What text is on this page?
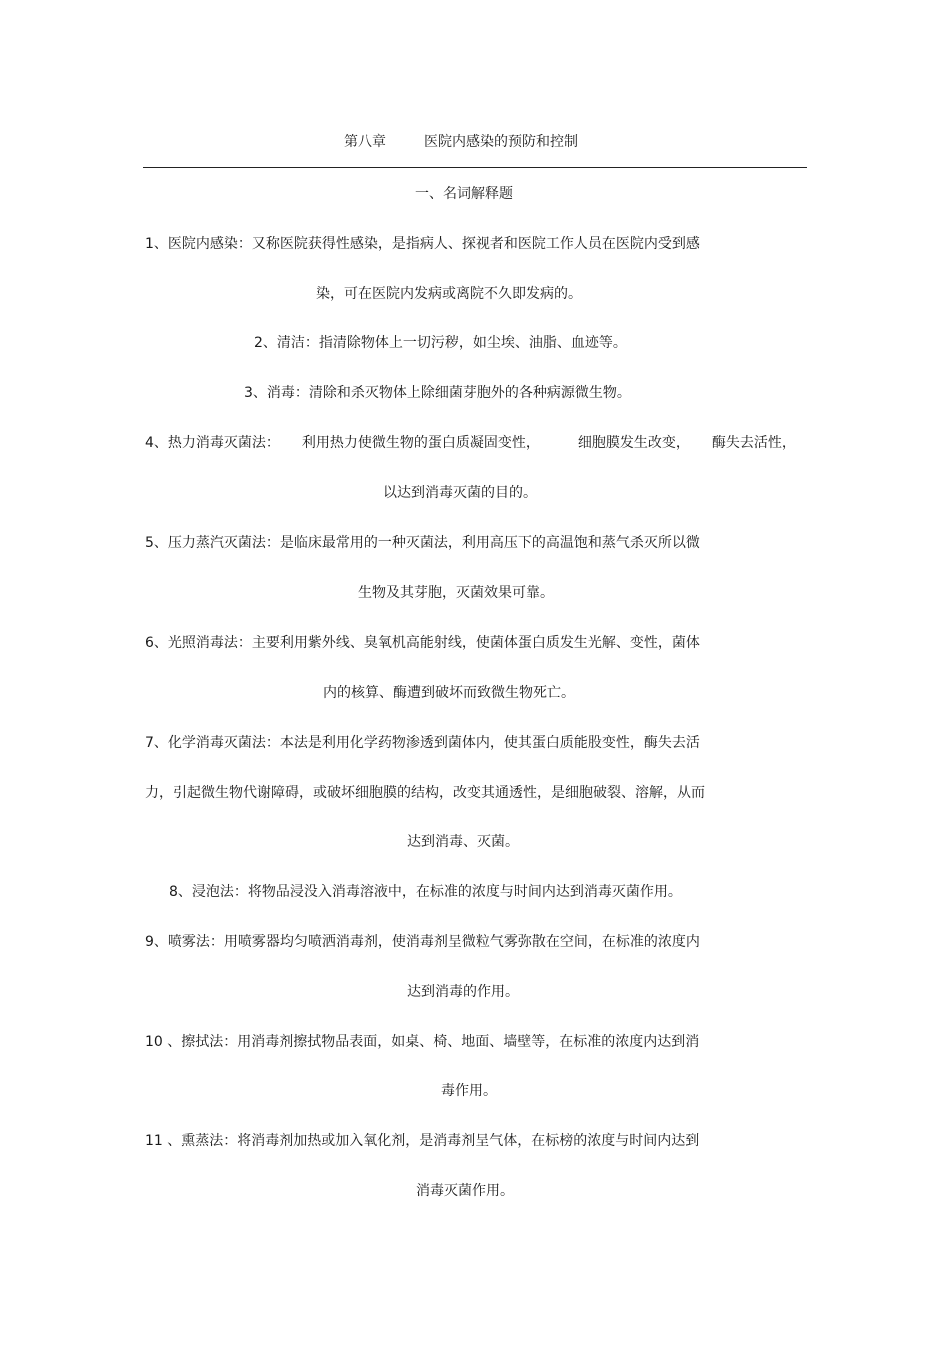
第八章	医院内感染的预防和控制
一、名词解释题
1、医院内感染：又称医院获得性感染，是指病人、探视者和医院工作人员在医院内受到感
染，可在医院内发病或离院不久即发病的。
2、清洁：指清除物体上一切污秽，如尘埃、油脂、血迹等。
3、消毒：清除和杀灭物体上除细菌芽胞外的各种病源微生物。
4、热力消毒灭菌法： 利用热力使微生物的蛋白质凝固变性，	细胞膜发生改变， 酶失去活性，
以达到消毒灭菌的目的。
5、压力蒸汽灭菌法：是临床最常用的一种灭菌法，利用高压下的高温饱和蒸气杀灭所以微
生物及其芽胞，灭菌效果可靠。
6、光照消毒法：主要利用紫外线、臭氧机高能射线，使菌体蛋白质发生光解、变性，菌体
内的核算、酶遭到破坏而致微生物死亡。
7、化学消毒灭菌法：本法是利用化学药物渗透到菌体内，使其蛋白质能股变性，酶失去活
力，引起微生物代谢障碍，或破坏细胞膜的结构，改变其通透性，是细胞破裂、溶解，从而
达到消毒、灭菌。
8、浸泡法：将物品浸没入消毒溶液中，在标准的浓度与时间内达到消毒灭菌作用。
9、喷雾法：用喷雾器均匀喷洒消毒剂，使消毒剂呈微粒气雾弥散在空间，在标准的浓度内
达到消毒的作用。
10 、擦拭法：用消毒剂擦拭物品表面，如桌、椅、地面、墙壁等，在标准的浓度内达到消
毒作用。
11 、熏蒸法：将消毒剂加热或加入氧化剂，是消毒剂呈气体，在标榜的浓度与时间内达到
消毒灭菌作用。
